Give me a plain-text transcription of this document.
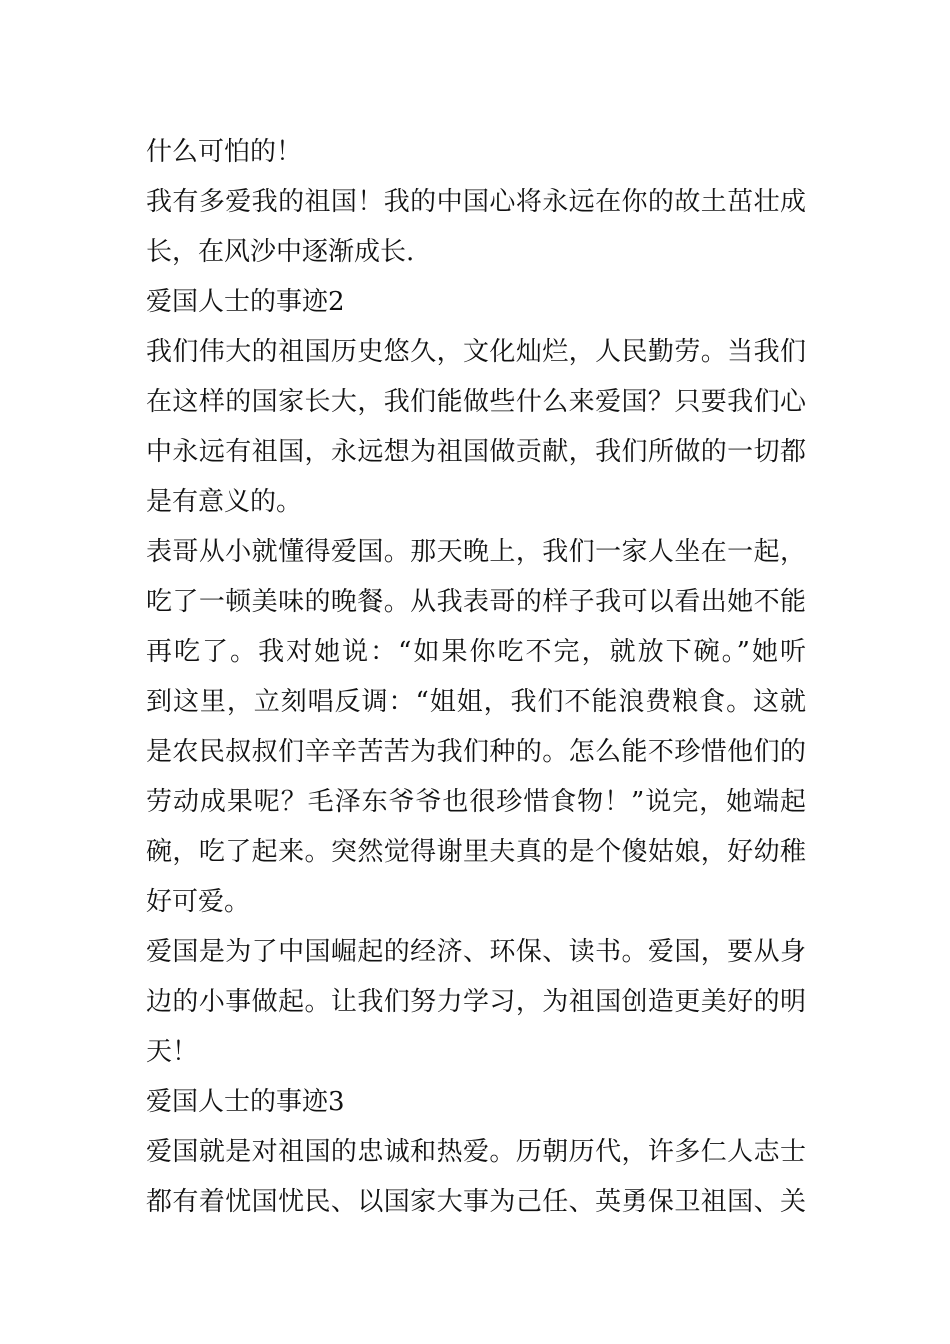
什么可怕的！
我有多爱我的祖国！我的中国心将永远在你的故土茁壮成
长，在风沙中逐渐成长.
爱国人士的事迹2
我们伟大的祖国历史悠久，文化灿烂，人民勤劳。当我们
在这样的国家长大，我们能做些什么来爱国？只要我们心
中永远有祖国，永远想为祖国做贡献，我们所做的一切都
是有意义的。
表哥从小就懂得爱国。那天晚上，我们一家人坐在一起，
吃了一顿美味的晚餐。从我表哥的样子我可以看出她不能
再吃了。我对她说：“如果你吃不完，就放下碗。”她听
到这里，立刻唱反调：“姐姐，我们不能浪费粮食。这就
是农民叔叔们辛辛苦苦为我们种的。怎么能不珍惜他们的
劳动成果呢？毛泽东爷爷也很珍惜食物！”说完，她端起
碗，吃了起来。突然觉得谢里夫真的是个傻姑娘，好幼稚
好可爱。
爱国是为了中国崛起的经济、环保、读书。爱国，要从身
边的小事做起。让我们努力学习，为祖国创造更美好的明
天！
爱国人士的事迹3
爱国就是对祖国的忠诚和热爱。历朝历代，许多仁人志士
都有着忧国忧民、以国家大事为己任、英勇保卫祖国、关
